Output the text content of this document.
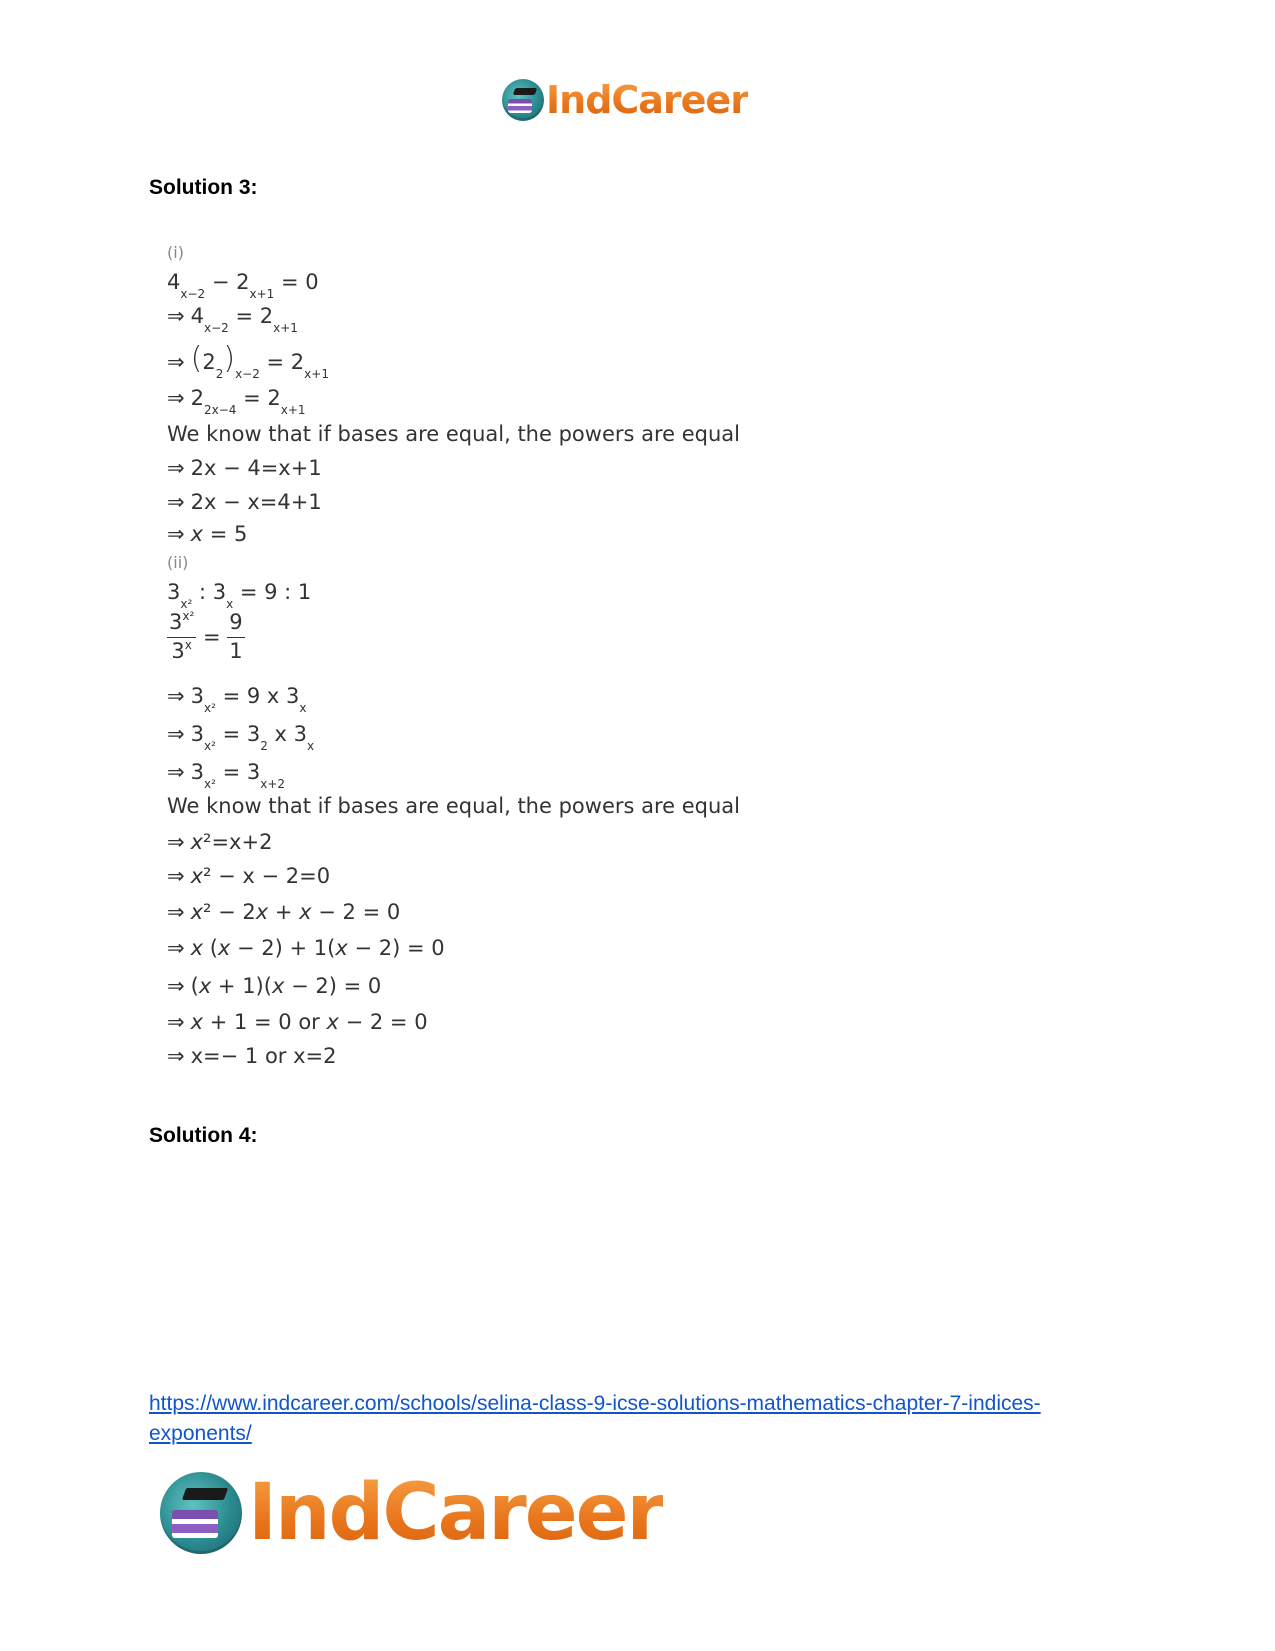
IndCareer
Solution 3:
(i)
4 x−2 − 2 x+1 = 0
⇒ 4 x−2 = 2 x+1
⇒ ( 2 2 ) x−2 = 2 x+1
⇒ 2 2x−4 = 2 x+1
We know that if bases are equal, the powers are equal
⇒ 2x − 4=x+1
⇒ 2x − x=4+1
⇒ x = 5
(ii)
3 x² : 3 x = 9 : 1
$\frac{3^{x^2}}{3^x} = \frac{9}{1}$
⇒ 3 x² = 9 x 3 x
⇒ 3 x² = 3 2 x 3 x
⇒ 3 x² = 3 x+2
We know that if bases are equal, the powers are equal
⇒ x ²=x+2
⇒ x ² − x − 2=0
⇒ x ² − 2 x + x − 2 = 0
⇒ x ( x − 2) + 1( x − 2) = 0
⇒ ( x + 1)( x − 2) = 0
⇒ x + 1 = 0 or x − 2 = 0
⇒ x=− 1 or x=2
Solution 4:
https://www.indcareer.com/schools/selina-class-9-icse-solutions-mathematics-chapter-7-indices-exponents/
IndCareer
